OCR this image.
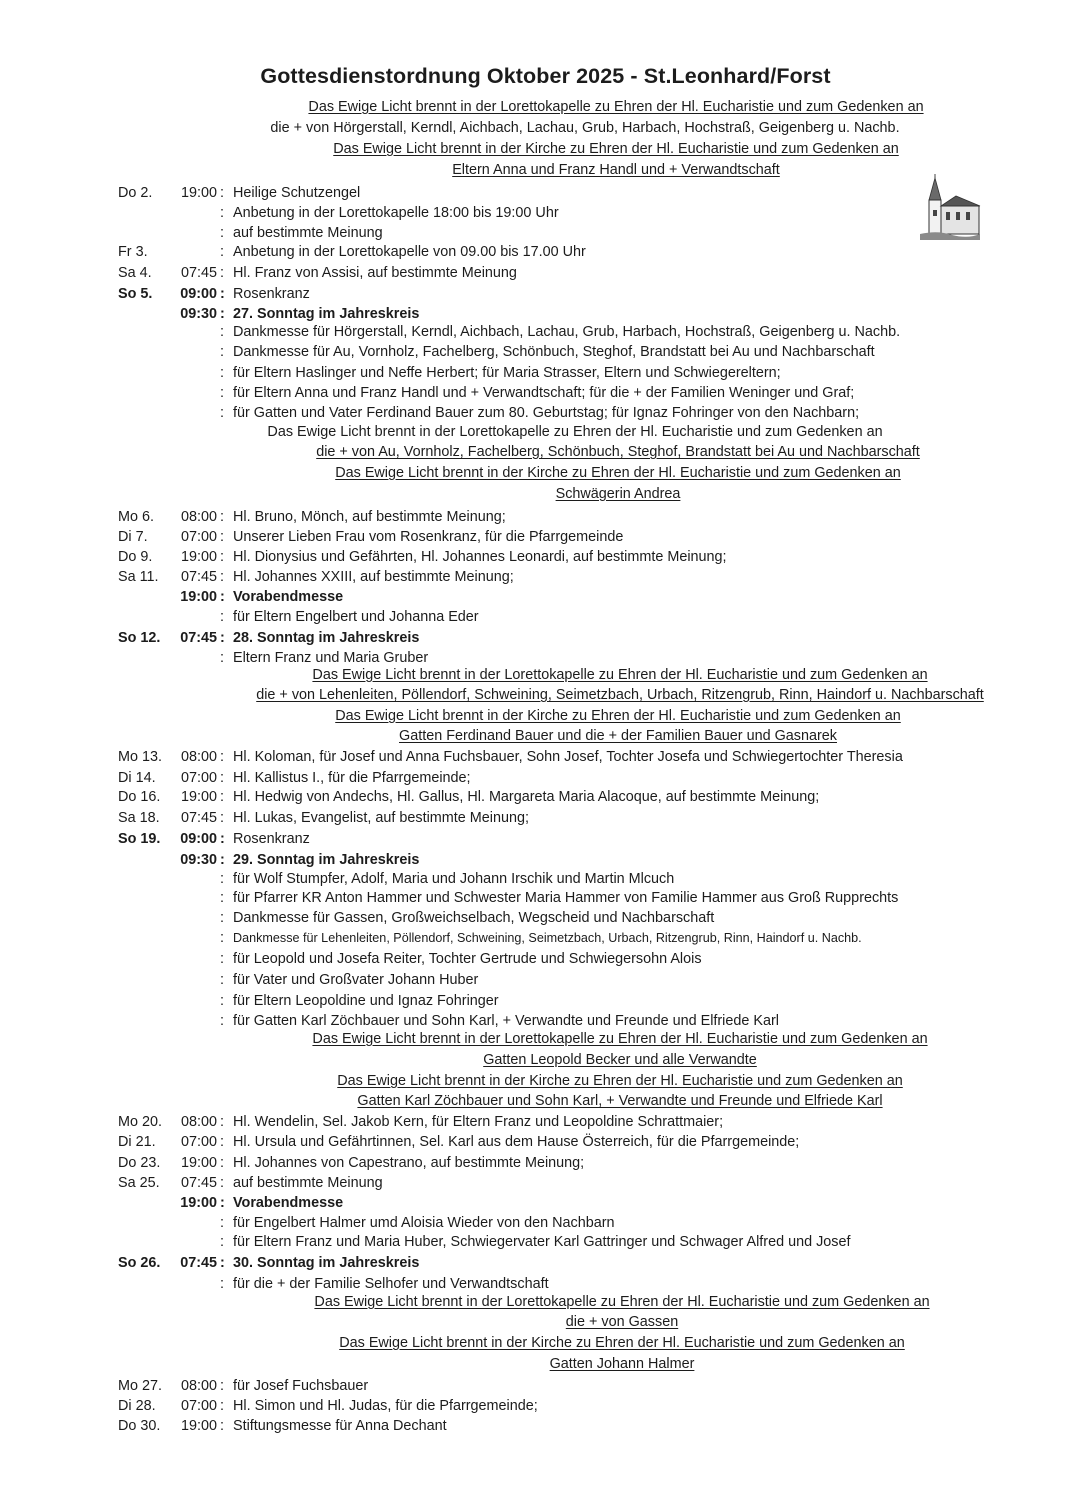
Gottesdienstordnung Oktober 2025 - St.Leonhard/Forst
Das Ewige Licht brennt in der Lorettokapelle zu Ehren der Hl. Eucharistie und zum Gedenken an
die + von Hörgerstall, Kerndl, Aichbach, Lachau, Grub, Harbach, Hochstraß, Geigenberg u. Nachb.
Das Ewige Licht brennt in der Kirche zu Ehren der Hl. Eucharistie und zum Gedenken an
Eltern Anna und Franz Handl und + Verwandtschaft
Das Ewige Licht brennt in der Lorettokapelle zu Ehren der Hl. Eucharistie und zum Gedenken an
die + von Au, Vornholz, Fachelberg, Schönbuch, Steghof, Brandstatt bei Au und Nachbarschaft
Das Ewige Licht brennt in der Kirche zu Ehren der Hl. Eucharistie und zum Gedenken an
Schwägerin Andrea
Das Ewige Licht brennt in der Lorettokapelle zu Ehren der Hl. Eucharistie und zum Gedenken an
die + von Lehenleiten, Pöllendorf, Schweining, Seimetzbach, Urbach, Ritzengrub, Rinn, Haindorf u. Nachbarschaft
Das Ewige Licht brennt in der Kirche zu Ehren der Hl. Eucharistie und zum Gedenken an
Gatten Ferdinand Bauer und die + der Familien Bauer und Gasnarek
Das Ewige Licht brennt in der Lorettokapelle zu Ehren der Hl. Eucharistie und zum Gedenken an
Gatten Leopold Becker und alle Verwandte
Das Ewige Licht brennt in der Kirche zu Ehren der Hl. Eucharistie und zum Gedenken an
Gatten Karl Zöchbauer und Sohn Karl, + Verwandte und Freunde und Elfriede Karl
Das Ewige Licht brennt in der Lorettokapelle zu Ehren der Hl. Eucharistie und zum Gedenken an
die + von Gassen
Das Ewige Licht brennt in der Kirche zu Ehren der Hl. Eucharistie und zum Gedenken an
Gatten Johann Halmer
Do 2.	19:00 : Heilige Schutzengel
: Anbetung in der Lorettokapelle 18:00 bis 19:00 Uhr
: auf bestimmte Meinung
Fr 3.	: Anbetung in der Lorettokapelle von 09.00 bis 17.00 Uhr
Sa 4.	07:45 : Hl. Franz von Assisi, auf bestimmte Meinung
So 5.	09:00 : Rosenkranz
09:30 : 27. Sonntag im Jahreskreis
: Dankmesse für Hörgerstall, Kerndl, Aichbach, Lachau, Grub, Harbach, Hochstraß, Geigenberg u. Nachb.
: Dankmesse für Au, Vornholz, Fachelberg, Schönbuch, Steghof, Brandstatt bei Au und Nachbarschaft
: für Eltern Haslinger und Neffe Herbert; für Maria Strasser, Eltern und Schwiegereltern;
: für Eltern Anna und Franz Handl und + Verwandtschaft; für die + der Familien Weninger und Graf;
: für Gatten und Vater Ferdinand Bauer zum 80. Geburtstag; für Ignaz Fohringer von den Nachbarn;
Mo 6.	08:00 : Hl. Bruno, Mönch, auf bestimmte Meinung;
Di 7.	07:00 : Unserer Lieben Frau vom Rosenkranz, für die Pfarrgemeinde
Do 9.	19:00 : Hl. Dionysius und Gefährten, Hl. Johannes Leonardi, auf bestimmte Meinung;
Sa 11.	07:45 : Hl. Johannes XXIII, auf bestimmte Meinung;
19:00 : Vorabendmesse
: für Eltern Engelbert und Johanna Eder
So 12.	07:45 : 28. Sonntag im Jahreskreis
: Eltern Franz und Maria Gruber
Mo 13.	08:00 : Hl. Koloman, für Josef und Anna Fuchsbauer, Sohn Josef, Tochter Josefa und Schwiegertochter Theresia
Di 14.	07:00 : Hl. Kallistus I., für die Pfarrgemeinde;
Do 16.	19:00 : Hl. Hedwig von Andechs, Hl. Gallus, Hl. Margareta Maria Alacoque, auf bestimmte Meinung;
Sa 18.	07:45 : Hl. Lukas, Evangelist, auf bestimmte Meinung;
So 19.	09:00 : Rosenkranz
09:30 : 29. Sonntag im Jahreskreis
: für Wolf Stumpfer, Adolf, Maria und Johann Irschik und Martin Mlcuch
: für Pfarrer KR Anton Hammer und Schwester Maria Hammer von Familie Hammer aus Groß Rupprechts
: Dankmesse für Gassen, Großweichselbach, Wegscheid und Nachbarschaft
: Dankmesse für Lehenleiten, Pöllendorf, Schweining, Seimetzbach, Urbach, Ritzengrub, Rinn, Haindorf u. Nachb.
: für Leopold und Josefa Reiter, Tochter Gertrude und Schwiegersohn Alois
: für Vater und Großvater Johann Huber
: für Eltern Leopoldine und Ignaz Fohringer
: für Gatten Karl Zöchbauer und Sohn Karl, + Verwandte und Freunde und Elfriede Karl
Mo 20.	08:00 : Hl. Wendelin, Sel. Jakob Kern, für Eltern Franz und Leopoldine Schrattmaier;
Di 21.	07:00 : Hl. Ursula und Gefährtinnen, Sel. Karl aus dem Hause Österreich, für die Pfarrgemeinde;
Do 23.	19:00 : Hl. Johannes von Capestrano, auf bestimmte Meinung;
Sa 25.	07:45 : auf bestimmte Meinung
19:00 : Vorabendmesse
: für Engelbert Halmer umd Aloisia Wieder von den Nachbarn
: für Eltern Franz und Maria Huber, Schwiegervater Karl Gattringer und Schwager Alfred und Josef
So 26.	07:45 : 30. Sonntag im Jahreskreis
: für die + der Familie Selhofer und Verwandtschaft
Mo 27.	08:00 : für Josef Fuchsbauer
Di 28.	07:00 : Hl. Simon und Hl. Judas, für die Pfarrgemeinde;
Do 30.	19:00 : Stiftungsmesse für Anna Dechant
